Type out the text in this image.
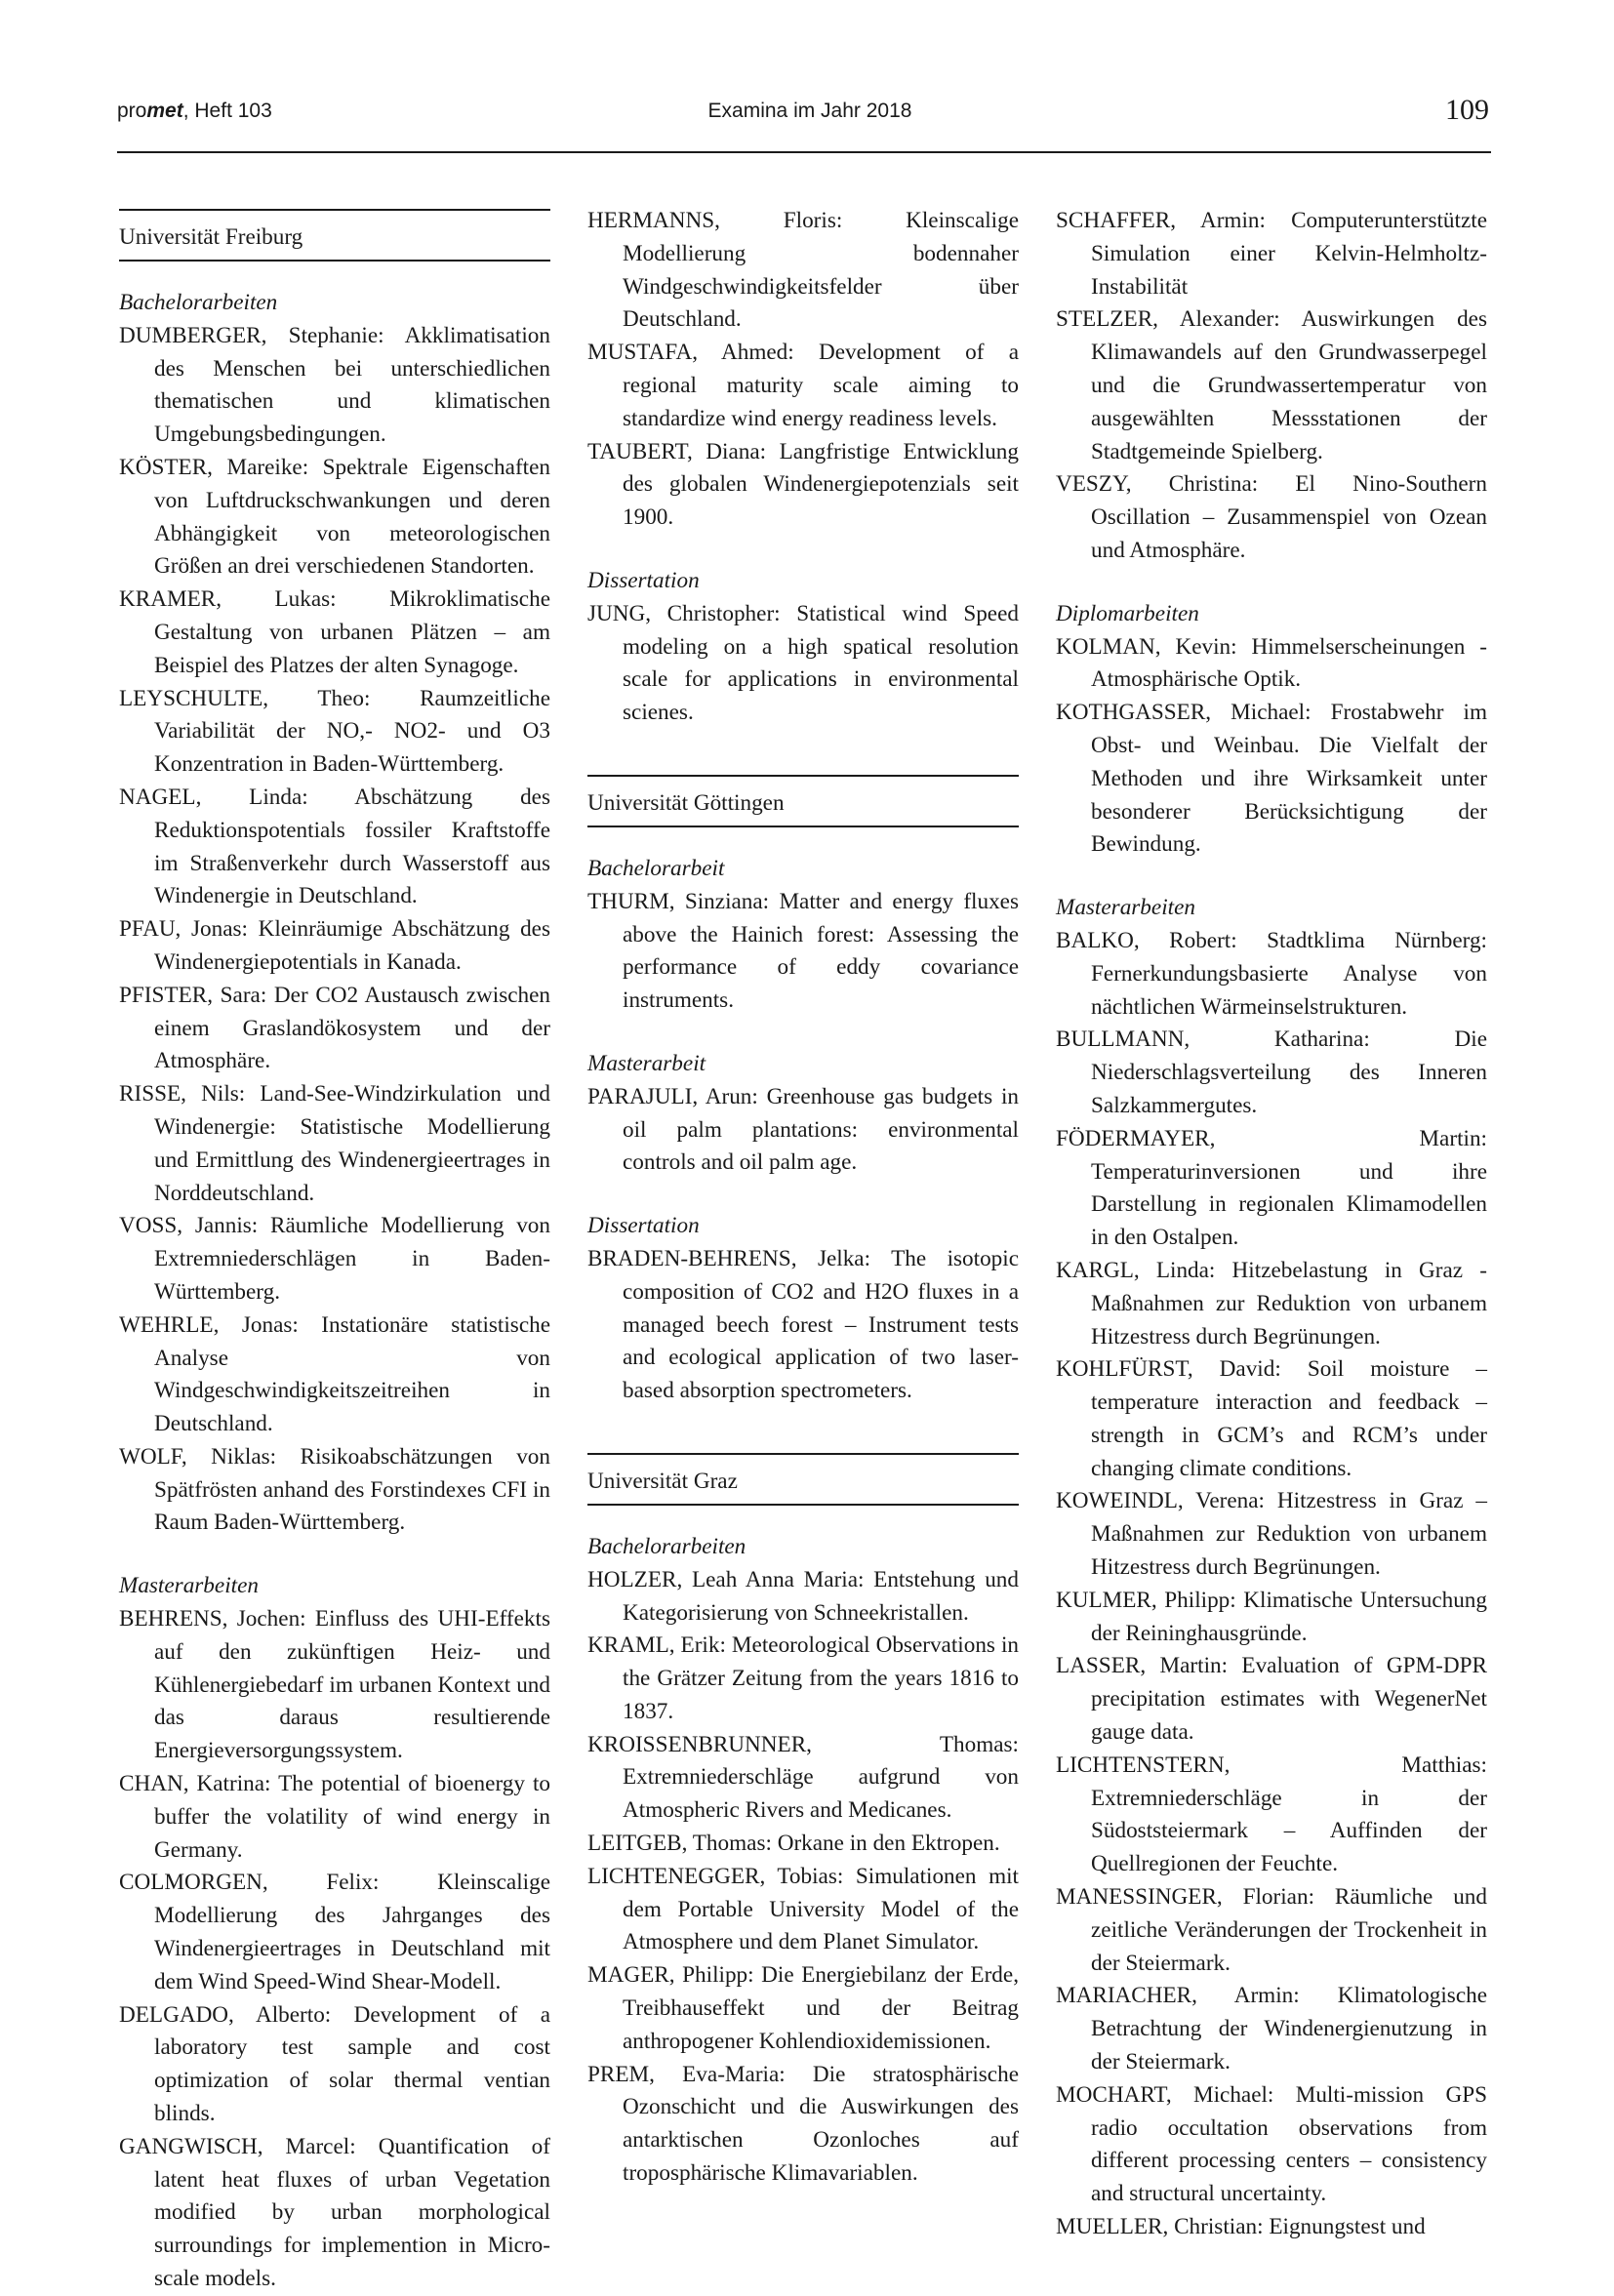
promet, Heft 103	Examina im Jahr 2018	109
Universität Freiburg
Bachelorarbeiten
DUMBERGER, Stephanie: Akklimatisation des Menschen bei unterschiedlichen thematischen und klimatischen Umgebungsbedingungen.
KÖSTER, Mareike: Spektrale Eigenschaften von Luftdruckschwankungen und deren Abhängigkeit von meteorologischen Größen an drei verschiedenen Standorten.
KRAMER, Lukas: Mikroklimatische Gestaltung von urbanen Plätzen – am Beispiel des Platzes der alten Synagoge.
LEYSCHULTE, Theo: Raumzeitliche Variabilität der NO,- NO2- und O3 Konzentration in Baden-Württemberg.
NAGEL, Linda: Abschätzung des Reduktionspotentials fossiler Kraftstoffe im Straßenverkehr durch Wasserstoff aus Windenergie in Deutschland.
PFAU, Jonas: Kleinräumige Abschätzung des Windenergiepotentials in Kanada.
PFISTER, Sara: Der CO2 Austausch zwischen einem Graslandökosystem und der Atmosphäre.
RISSE, Nils: Land-See-Windzirkulation und Windenergie: Statistische Modellierung und Ermittlung des Windenergieertrages in Norddeutschland.
VOSS, Jannis: Räumliche Modellierung von Extremniederschlägen in Baden-Württemberg.
WEHRLE, Jonas: Instationäre statistische Analyse von Windgeschwindigkeitszeitreihen in Deutschland.
WOLF, Niklas: Risikoabschätzungen von Spätfrösten anhand des Forstindexes CFI in Raum Baden-Württemberg.
Masterarbeiten
BEHRENS, Jochen: Einfluss des UHI-Effekts auf den zukünftigen Heiz- und Kühlenergiebedarf im urbanen Kontext und das daraus resultierende Energieversorgungssystem.
CHAN, Katrina: The potential of bioenergy to buffer the volatility of wind energy in Germany.
COLMORGEN, Felix: Kleinscalige Modellierung des Jahrganges des Windenergieertrages in Deutschland mit dem Wind Speed-Wind Shear-Modell.
DELGADO, Alberto: Development of a laboratory test sample and cost optimization of solar thermal ventian blinds.
GANGWISCH, Marcel: Quantification of latent heat fluxes of urban Vegetation modified by urban morphological surroundings for implemention in Micro-scale models.
HERMANNS, Floris: Kleinscalige Modellierung bodennaher Windgeschwindigkeitsfelder über Deutschland.
MUSTAFA, Ahmed: Development of a regional maturity scale aiming to standardize wind energy readiness levels.
TAUBERT, Diana: Langfristige Entwicklung des globalen Windenergiepotenzials seit 1900.
Dissertation
JUNG, Christopher: Statistical wind Speed modeling on a high spatical resolution scale for applications in environmental scienes.
Universität Göttingen
Bachelorarbeit
THURM, Sinziana: Matter and energy fluxes above the Hainich forest: Assessing the performance of eddy covariance instruments.
Masterarbeit
PARAJULI, Arun: Greenhouse gas budgets in oil palm plantations: environmental controls and oil palm age.
Dissertation
BRADEN-BEHRENS, Jelka: The isotopic composition of CO2 and H2O fluxes in a managed beech forest – Instrument tests and ecological application of two laser-based absorption spectrometers.
Universität Graz
Bachelorarbeiten
HOLZER, Leah Anna Maria: Entstehung und Kategorisierung von Schneekristallen.
KRAML, Erik: Meteorological Observations in the Grätzer Zeitung from the years 1816 to 1837.
KROISSENBRUNNER, Thomas: Extremniederschläge aufgrund von Atmospheric Rivers and Medicanes.
LEITGEB, Thomas: Orkane in den Ektropen.
LICHTENEGGER, Tobias: Simulationen mit dem Portable University Model of the Atmosphere und dem Planet Simulator.
MAGER, Philipp: Die Energiebilanz der Erde, Treibhauseffekt und der Beitrag anthropogener Kohlendioxidemissionen.
PREM, Eva-Maria: Die stratosphärische Ozonschicht und die Auswirkungen des antarktischen Ozonloches auf troposphärische Klimavariablen.
SCHAFFER, Armin: Computerunterstützte Simulation einer Kelvin-Helmholtz-Instabilität
STELZER, Alexander: Auswirkungen des Klimawandels auf den Grundwasserpegel und die Grundwassertemperatur von ausgewählten Messstationen der Stadtgemeinde Spielberg.
VESZY, Christina: El Nino-Southern Oscillation – Zusammenspiel von Ozean und Atmosphäre.
Diplomarbeiten
KOLMAN, Kevin: Himmelserscheinungen - Atmosphärische Optik.
KOTHGASSER, Michael: Frostabwehr im Obst- und Weinbau. Die Vielfalt der Methoden und ihre Wirksamkeit unter besonderer Berücksichtigung der Bewindung.
Masterarbeiten
BALKO, Robert: Stadtklima Nürnberg: Fernerkundungsbasierte Analyse von nächtlichen Wärmeinselstrukturen.
BULLMANN, Katharina: Die Niederschlagsverteilung des Inneren Salzkammergutes.
FÖDERMAYER, Martin: Temperaturinversionen und ihre Darstellung in regionalen Klimamodellen in den Ostalpen.
KARGL, Linda: Hitzebelastung in Graz - Maßnahmen zur Reduktion von urbanem Hitzestress durch Begrünungen.
KOHLFÜRST, David: Soil moisture – temperature interaction and feedback – strength in GCM’s and RCM’s under changing climate conditions.
KOWEINDL, Verena: Hitzestress in Graz – Maßnahmen zur Reduktion von urbanem Hitzestress durch Begrünungen.
KULMER, Philipp: Klimatische Untersuchung der Reininghausgründe.
LASSER, Martin: Evaluation of GPM-DPR precipitation estimates with WegenerNet gauge data.
LICHTENSTERN, Matthias: Extremniederschläge in der Südoststeiermark – Auffinden der Quellregionen der Feuchte.
MANESSINGER, Florian: Räumliche und zeitliche Veränderungen der Trockenheit in der Steiermark.
MARIACHER, Armin: Klimatologische Betrachtung der Windenergienutzung in der Steiermark.
MOCHART, Michael: Multi-mission GPS radio occultation observations from different processing centers – consistency and structural uncertainty.
MUELLER, Christian: Eignungstest und
